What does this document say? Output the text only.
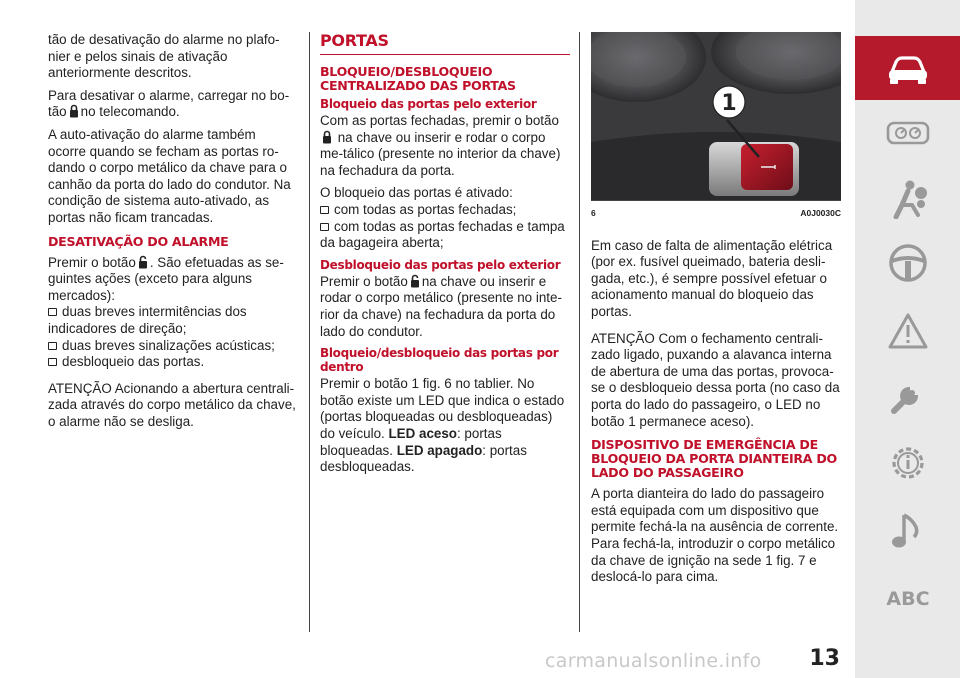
tão de desativação do alarme no plafo-nier e pelos sinais de ativação anteriormente descritos.

Para desativar o alarme, carregar no bo-tão no telecomando.

A auto-ativação do alarme também ocorre quando se fecham as portas ro-dando o corpo metálico da chave para o canhão da porta do lado do condutor. Na condição de sistema auto-ativado, as portas não ficam trancadas.

DESATIVAÇÃO DO ALARME

Premir o botão . São efetuadas as se-guintes ações (exceto para alguns mercados):

duas breves intermitências dos indicadores de direção;
duas breves sinalizações acústicas;
desbloqueio das portas.

ATENÇÃO Acionando a abertura centrali-zada através do corpo metálico da chave, o alarme não se desliga.

PORTAS
BLOQUEIO/DESBLOQUEIO CENTRALIZADO DAS PORTAS
Bloqueio das portas pelo exterior

Com as portas fechadas, premir o botão
na chave ou inserir e rodar o corpo me-tálico (presente no interior da chave) na fechadura da porta.

O bloqueio das portas é ativado:

com todas as portas fechadas;
com todas as portas fechadas e tampa da bagageira aberta;

Desbloqueio das portas pelo exterior

Premir o botão na chave ou inserir e rodar o corpo metálico (presente no inte-rior da chave) na fechadura da porta do lado do condutor.

Bloqueio/desbloqueio das portas por dentro

Premir o botão 1 fig. 6 no tablier. No botão existe um LED que indica o estado (portas bloqueadas ou desbloqueadas) do veículo. LED aceso: portas bloqueadas. LED apagado: portas desbloqueadas.

1
6	A0J0030C

Em caso de falta de alimentação elétrica (por ex. fusível queimado, bateria desli-gada, etc.), é sempre possível efetuar o acionamento manual do bloqueio das portas.

ATENÇÃO Com o fechamento centrali-zado ligado, puxando a alavanca interna de abertura de uma das portas, provoca-se o desbloqueio dessa porta (no caso da porta do lado do passageiro, o LED no botão 1 permanece aceso).

DISPOSITIVO DE EMERGÊNCIA DE BLOQUEIO DA PORTA DIANTEIRA DO LADO DO PASSAGEIRO

A porta dianteira do lado do passageiro está equipada com um dispositivo que permite fechá-la na ausência de corrente. Para fechá-la, introduzir o corpo metálico da chave de ignição na sede 1 fig. 7 e deslocá-lo para cima.

ABC
carmanualsonline.info 13
